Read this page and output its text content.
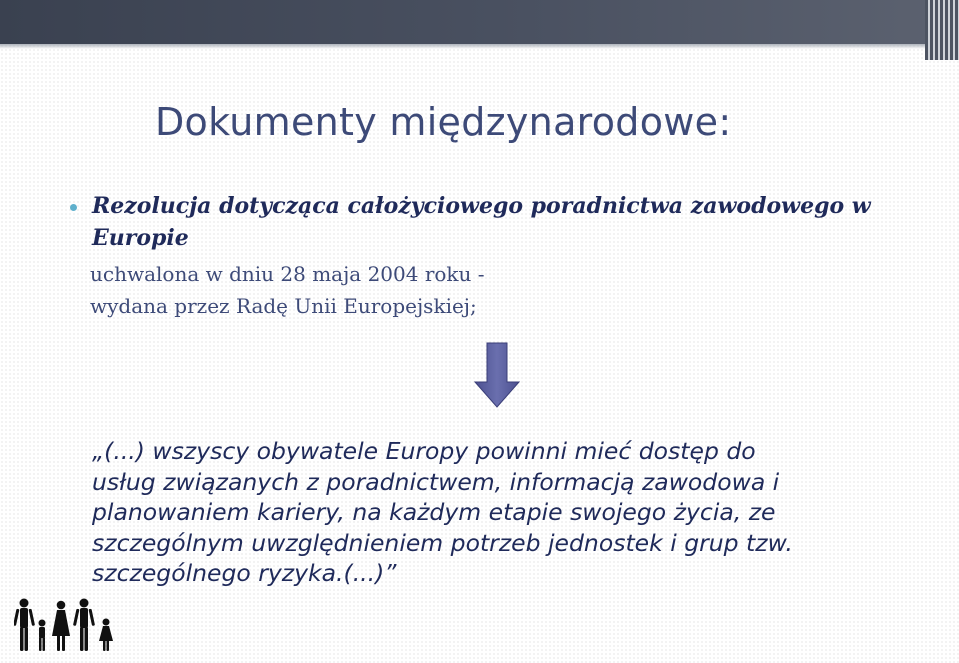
Dokumenty międzynarodowe:

Rezolucja dotycząca całożyciowego poradnictwa zawodowego w Europie

uchwalona w dniu 28 maja 2004 roku -
wydana przez Radę Unii Europejskiej;
„(...) wszyscy obywatele Europy powinni mieć dostęp do
usług związanych z poradnictwem, informacją zawodowa i
planowaniem kariery, na każdym etapie swojego życia, ze
szczególnym uwzględnieniem potrzeb jednostek i grup tzw.
szczególnego ryzyka.(...)”
